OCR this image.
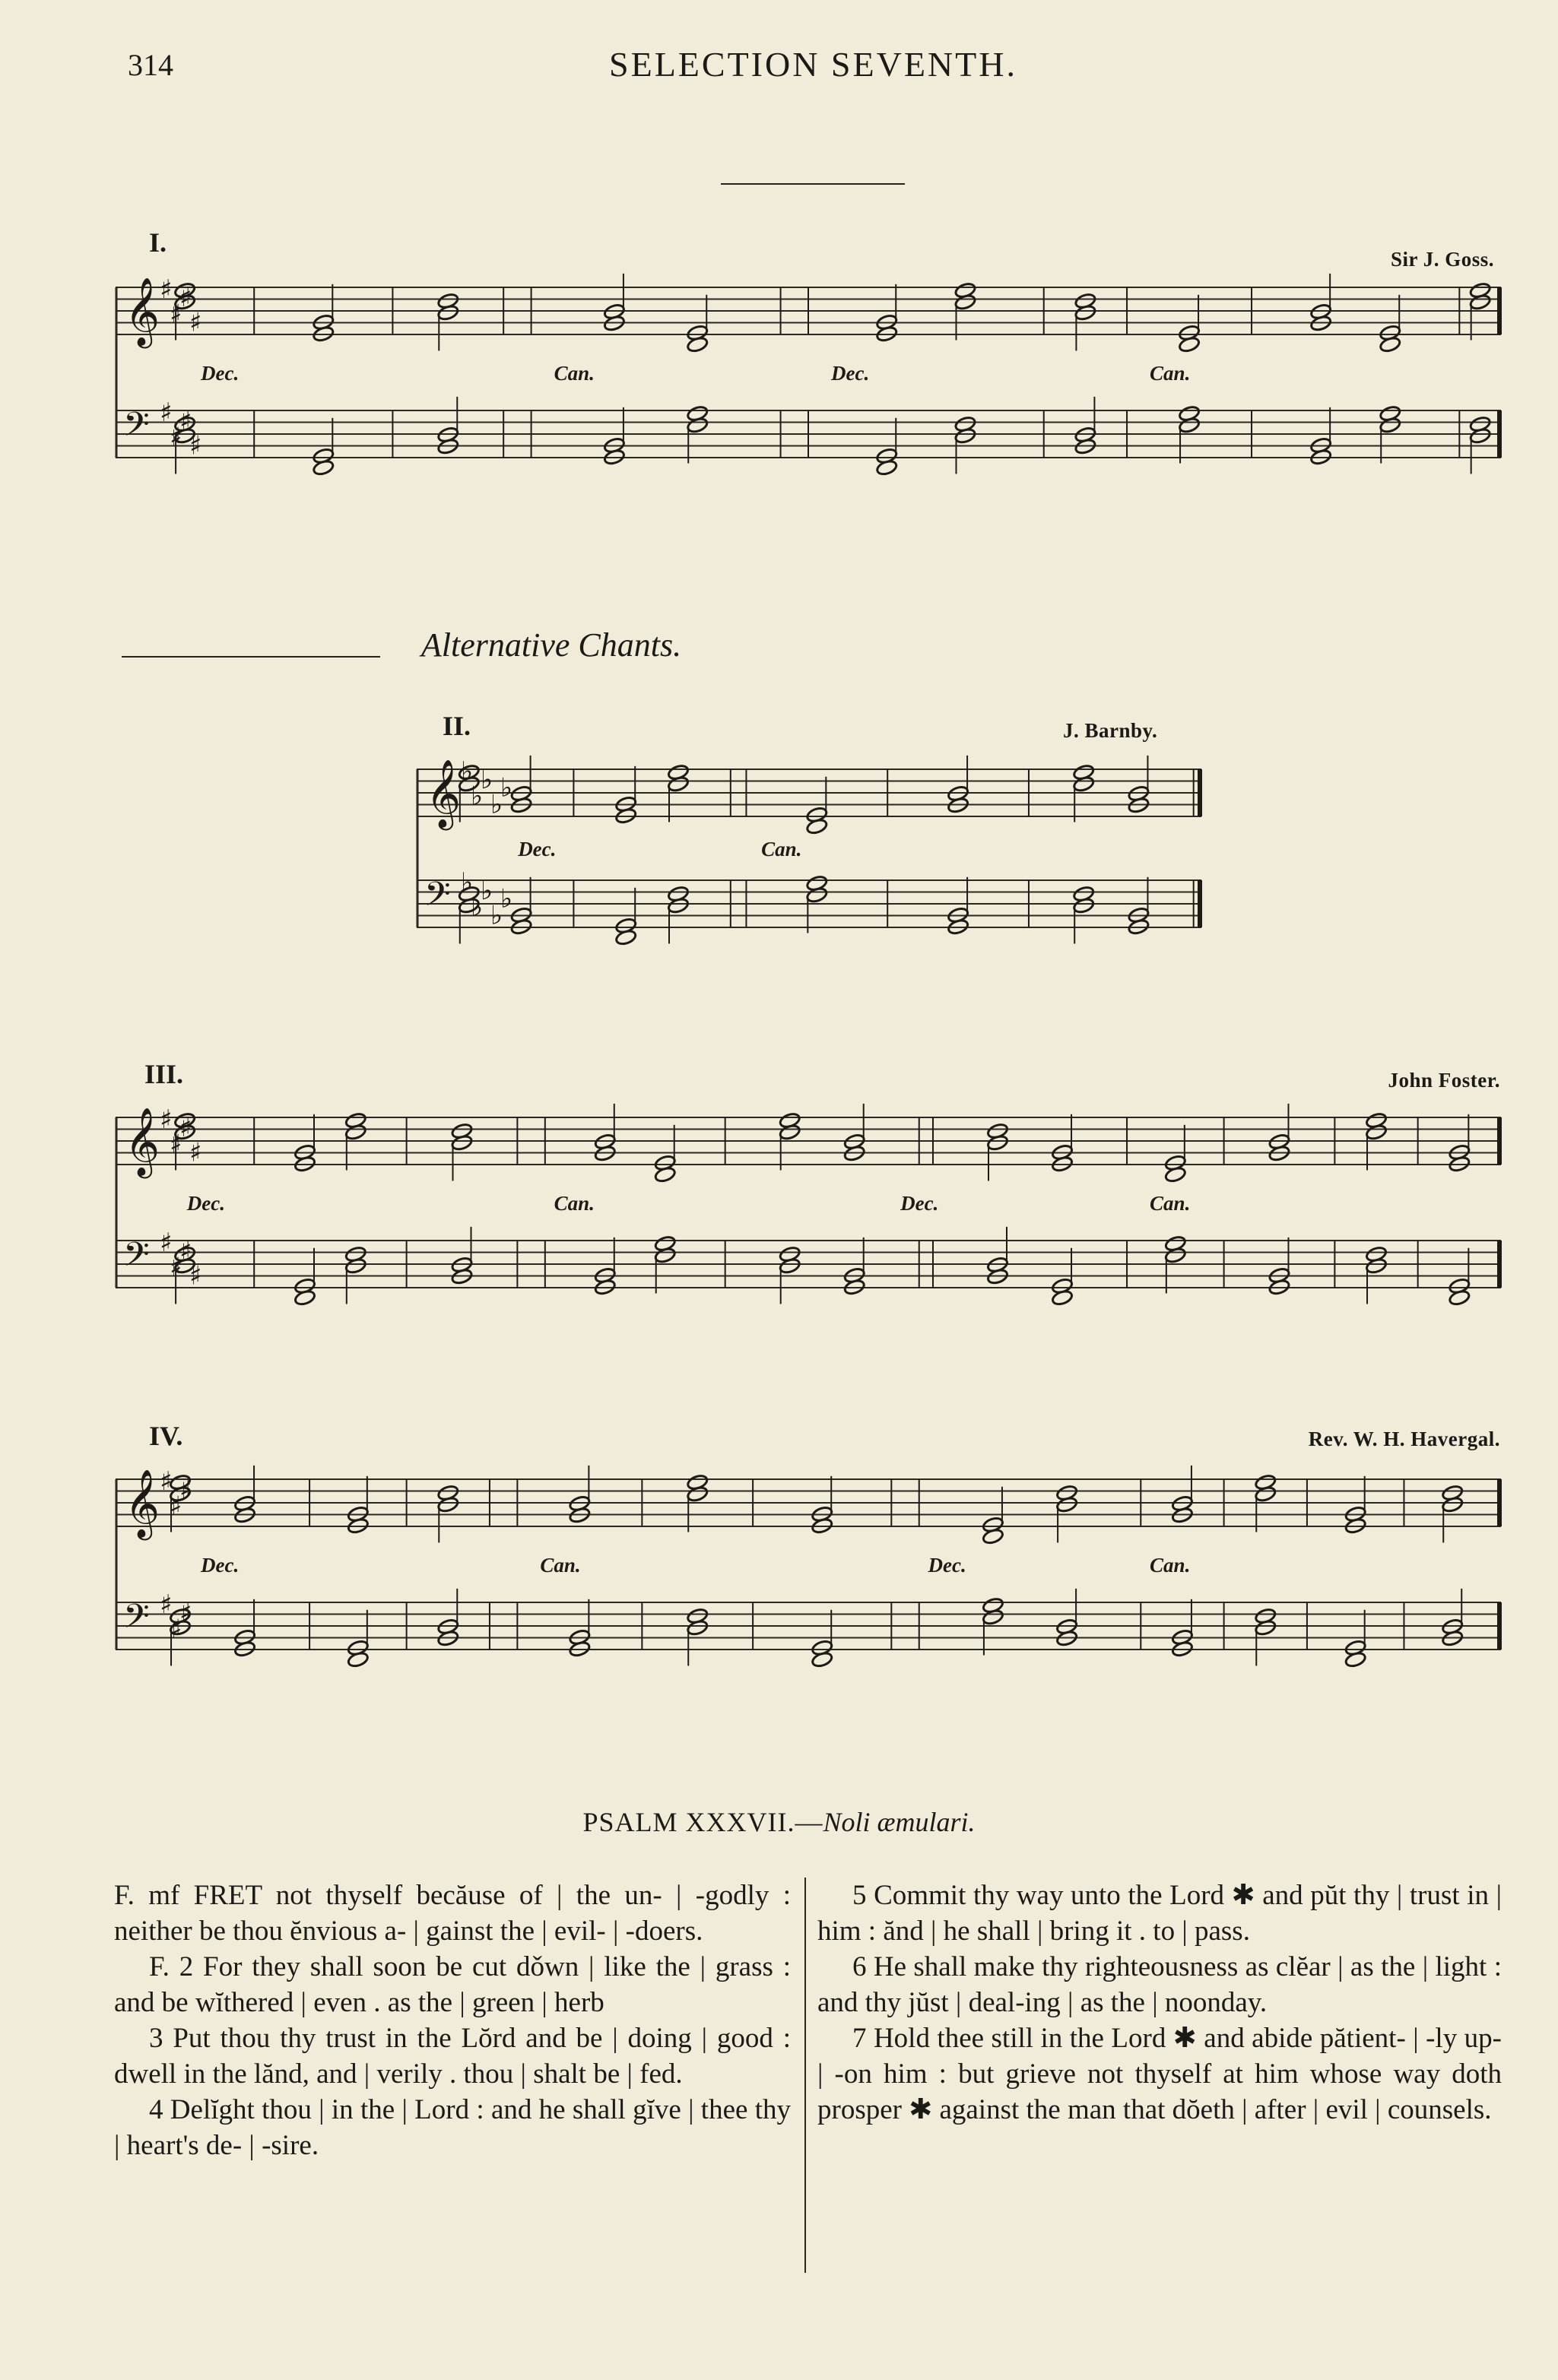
314	SELECTION SEVENTH.
I.
Sir J. Goss.
𝄞
𝄢
♯
♯
♯
♯
♯
♯
♯
♯
Dec.	Dec.
Can.	Can.
Alternative Chants.
II.	J. Barnby.
𝄞
𝄢
♭
♭
♭
♭
♭
♭
♭
♭
♭
♭
Dec.	Can.
III.	John Foster.
𝄞
𝄢
♯
♯
♯
♯
♯
♯
♯
♯
Dec.	Dec.
Can.	Can.
IV.	Rev. W. H. Havergal.
𝄞
𝄢
♯
♯
♯
♯
♯
♯
Dec.	Dec.
Can.	Can.
PSALM XXXVII.—Noli æmulari.

F. mf FRET not thyself becăuse of | the un- | -godly : neither be thou ĕnvious a- | gainst the | evil- | -doers.

F. 2 For they shall soon be cut dǒwn | like the | grass : and be wĭthered | even . as the | green | herb

3 Put thou thy trust in the Lŏrd and be | doing | good : dwell in the lănd, and | verily . thou | shalt be | fed.

4 Delĭght thou | in the | Lord : and he shall gĭve | thee thy | heart's de- | -sire.

5 Commit thy way unto the Lord ✱ and pŭt thy | trust in | him : ănd | he shall | bring it . to | pass.

6 He shall make thy righteousness as clĕar | as the | light : and thy jŭst | deal-ing | as the | noonday.

7 Hold thee still in the Lord ✱ and abide pătient- | -ly up- | -on him : but grieve not thyself at him whose way doth prosper ✱ against the man that dŏeth | after | evil | counsels.
